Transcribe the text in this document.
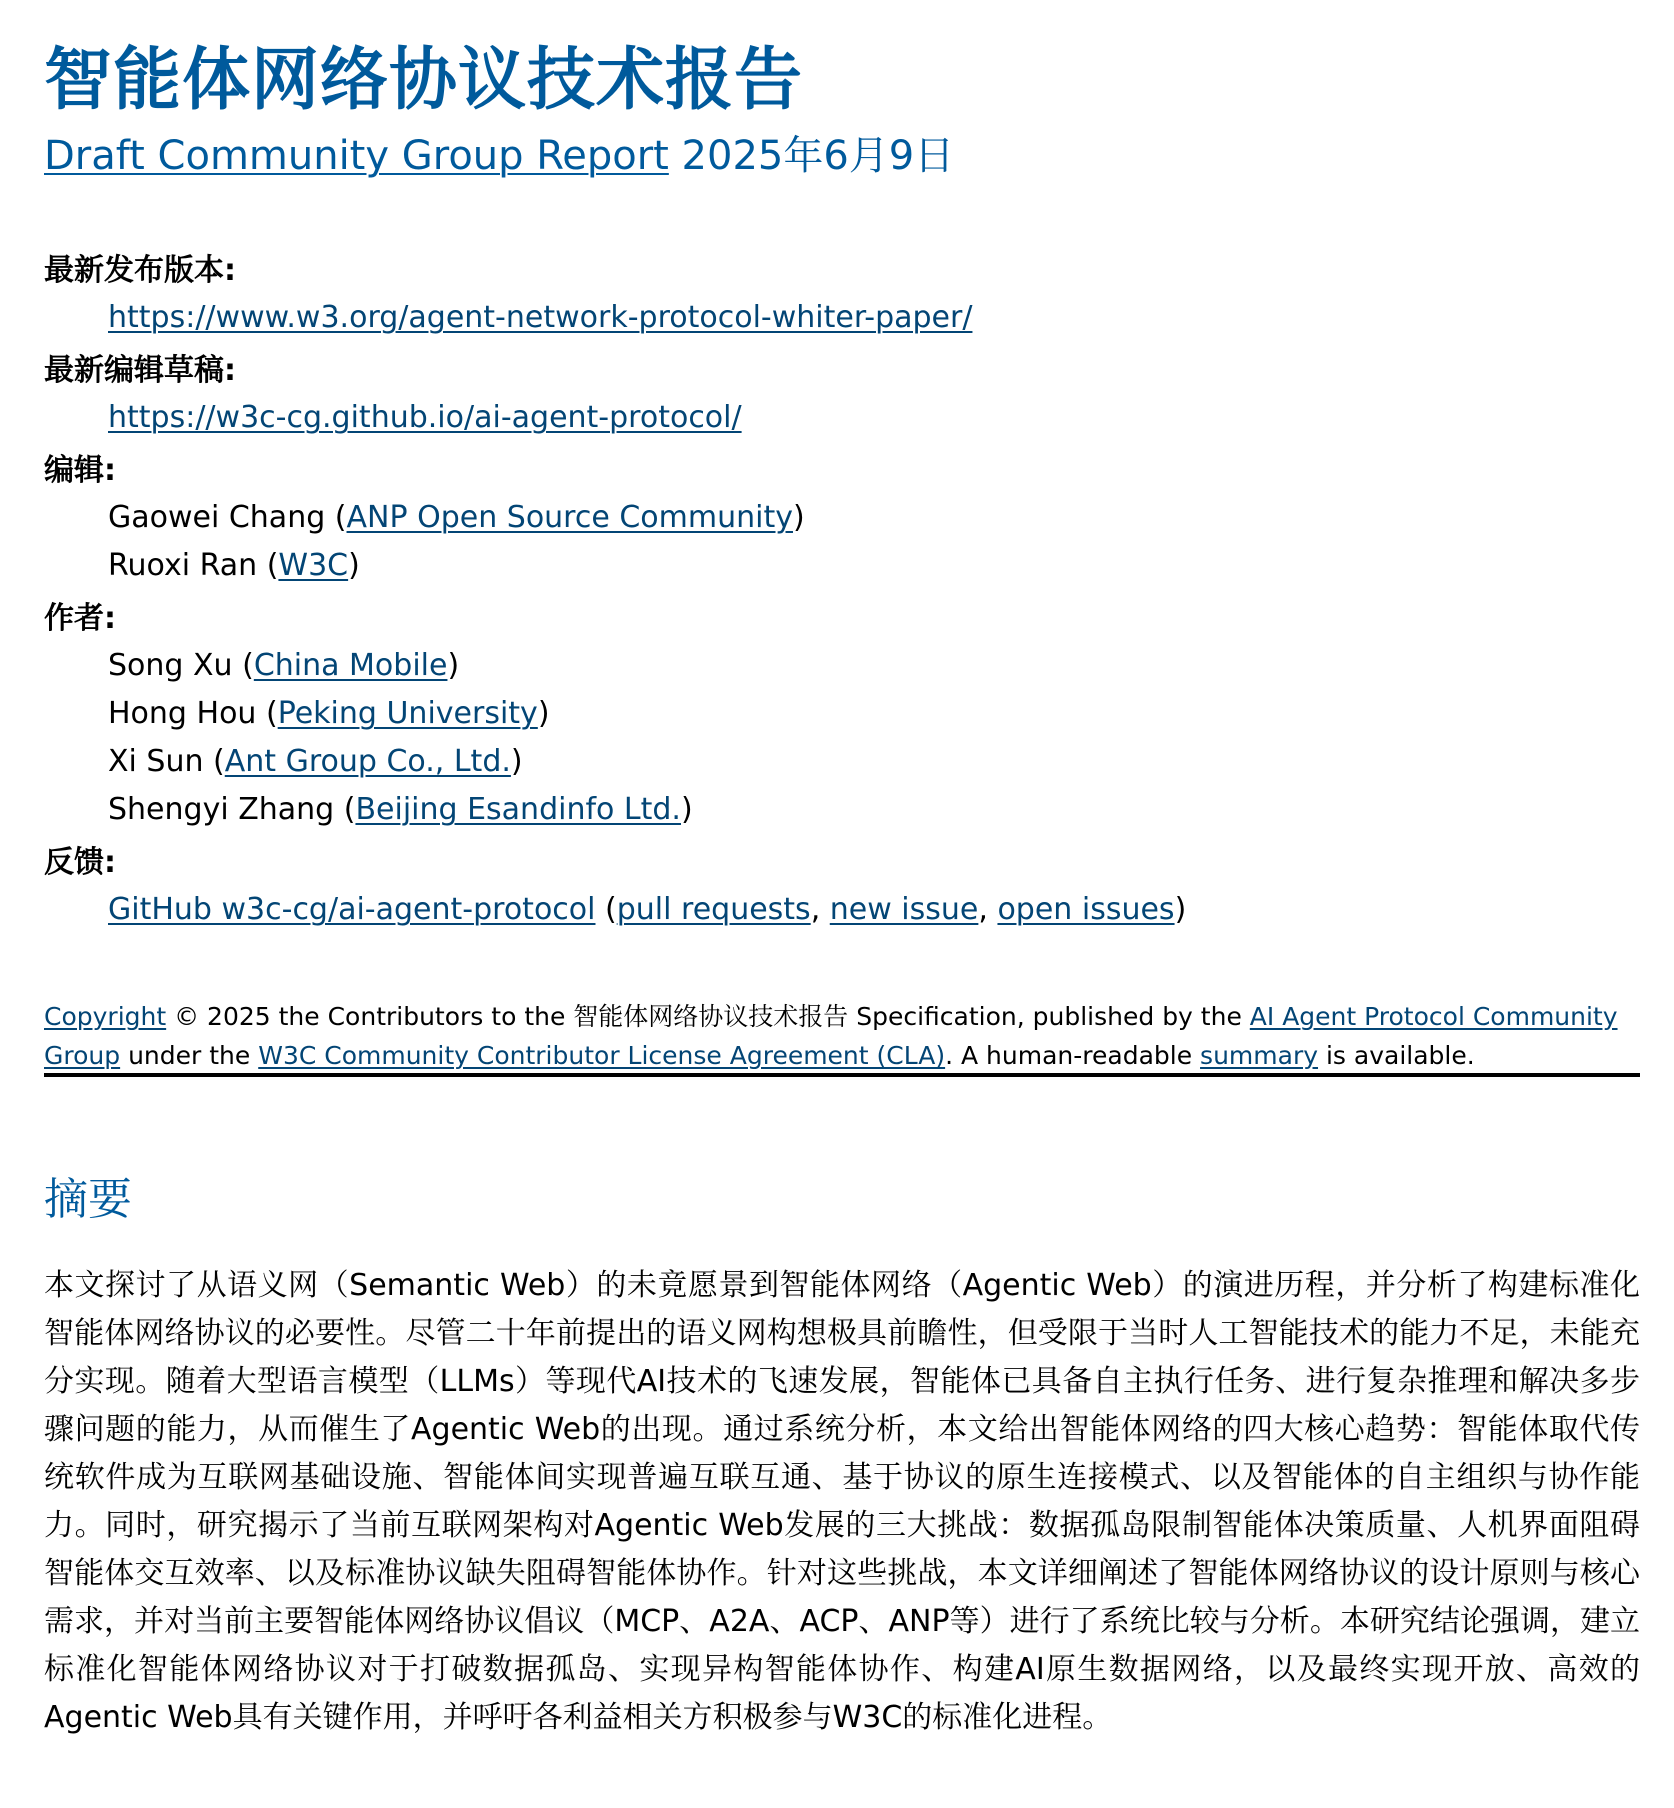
智能体网络协议技术报告
Draft Community Group Report 2025年6月9日
最新发布版本:
https://www.w3.org/agent-network-protocol-whiter-paper/
最新编辑草稿:
https://w3c-cg.github.io/ai-agent-protocol/
编辑:
Gaowei Chang (ANP Open Source Community)
Ruoxi Ran (W3C)
作者:
Song Xu (China Mobile)
Hong Hou (Peking University)
Xi Sun (Ant Group Co., Ltd.)
Shengyi Zhang (Beijing Esandinfo Ltd.)
反馈:
GitHub w3c-cg/ai-agent-protocol (pull requests, new issue, open issues)

Copyright © 2025 the Contributors to the 智能体网络协议技术报告 Specification, published by the AI Agent Protocol Community Group under the W3C Community Contributor License Agreement (CLA). A human-readable summary is available.

摘要

本文探讨了从语义网（Semantic Web）的未竟愿景到智能体网络（Agentic Web）的演进历程，并分析了构建标准化智能体网络协议的必要性。尽管二十年前提出的语义网构想极具前瞻性，但受限于当时人工智能技术的能力不足，未能充分实现。随着大型语言模型（LLMs）等现代AI技术的飞速发展，智能体已具备自主执行任务、进行复杂推理和解决多步骤问题的能力，从而催生了Agentic Web的出现。通过系统分析，本文给出智能体网络的四大核心趋势：智能体取代传统软件成为互联网基础设施、智能体间实现普遍互联互通、基于协议的原生连接模式、以及智能体的自主组织与协作能力。同时，研究揭示了当前互联网架构对Agentic Web发展的三大挑战：数据孤岛限制智能体决策质量、人机界面阻碍智能体交互效率、以及标准协议缺失阻碍智能体协作。针对这些挑战，本文详细阐述了智能体网络协议的设计原则与核心需求，并对当前主要智能体网络协议倡议（MCP、A2A、ACP、ANP等）进行了系统比较与分析。本研究结论强调，建立标准化智能体网络协议对于打破数据孤岛、实现异构智能体协作、构建AI原生数据网络，以及最终实现开放、高效的Agentic Web具有关键作用，并呼吁各利益相关方积极参与W3C的标准化进程。
